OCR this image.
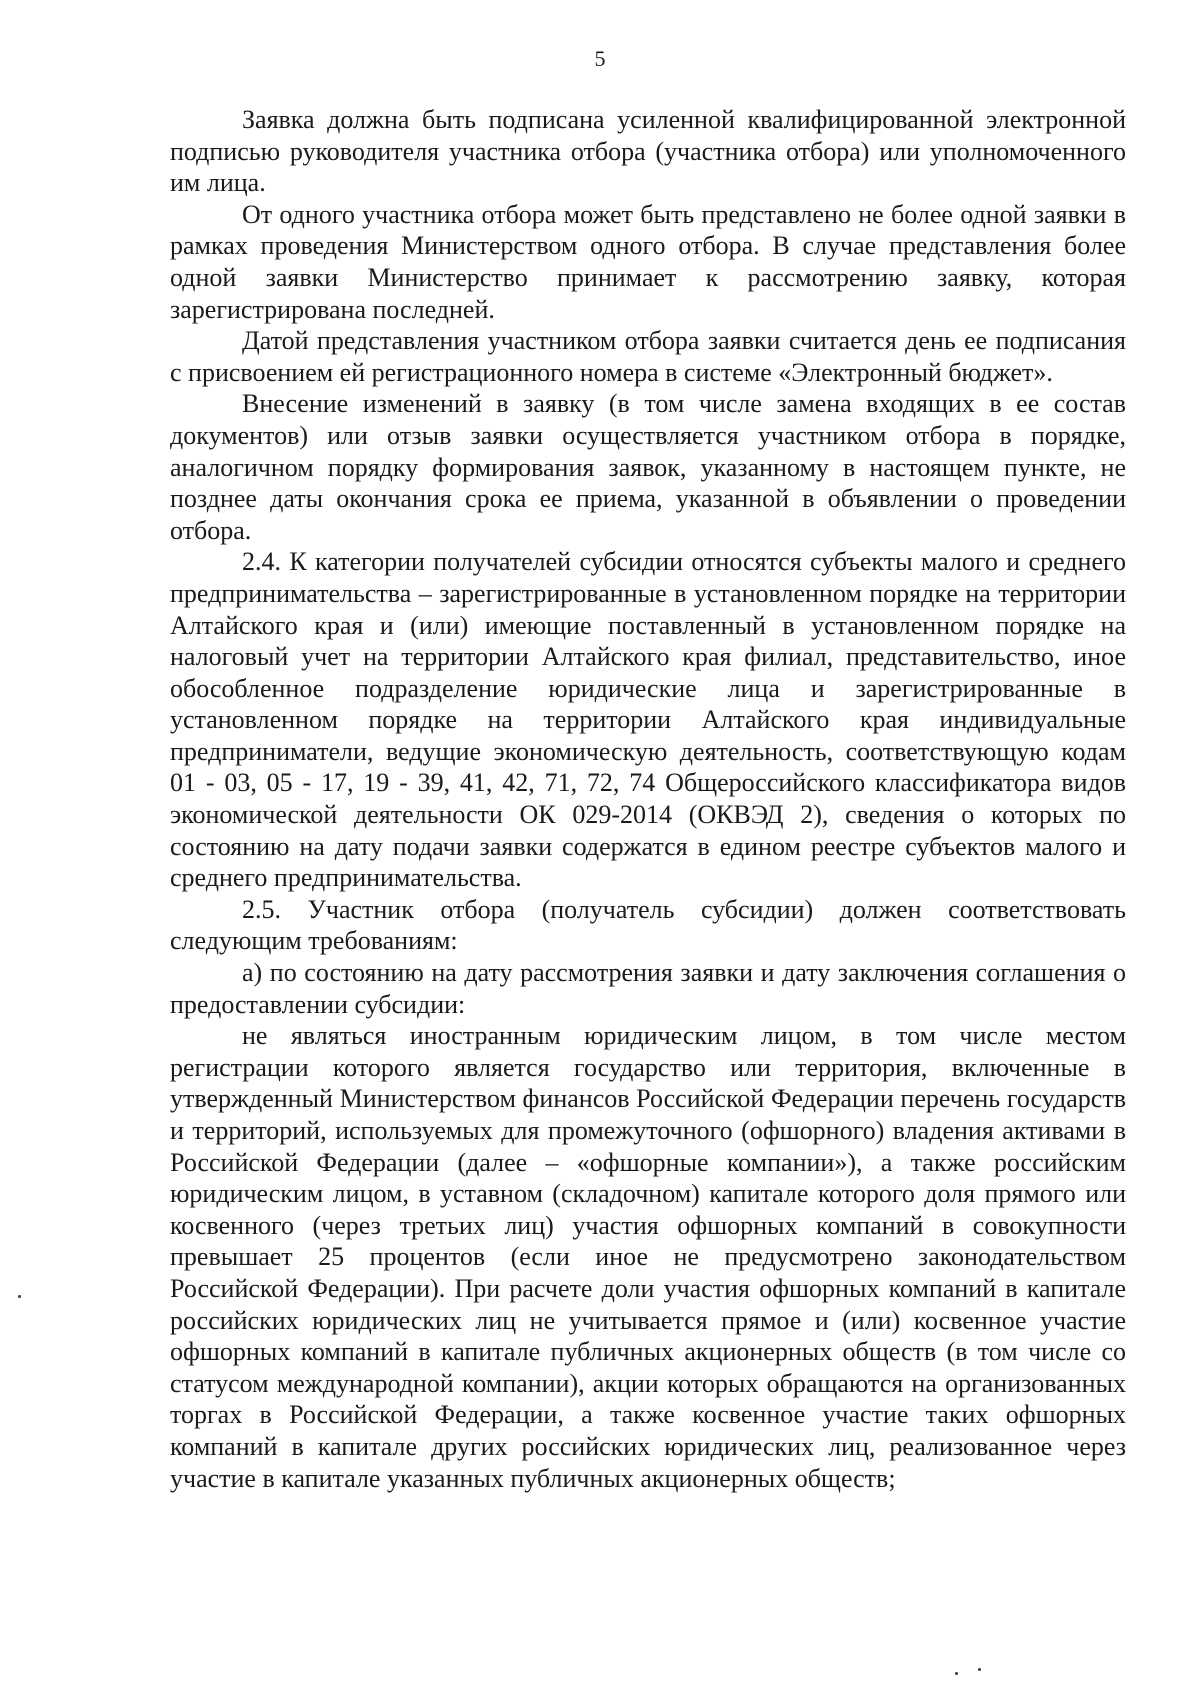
5

Заявка должна быть подписана усиленной квалифицированной электронной подписью руководителя участника отбора (участника отбора) или уполномоченного им лица.

От одного участника отбора может быть представлено не более одной заявки в рамках проведения Министерством одного отбора. В случае представления более одной заявки Министерство принимает к рассмотрению заявку, которая зарегистрирована последней.

Датой представления участником отбора заявки считается день ее подписания с присвоением ей регистрационного номера в системе «Электронный бюджет».

Внесение изменений в заявку (в том числе замена входящих в ее состав документов) или отзыв заявки осуществляется участником отбора в порядке, аналогичном порядку формирования заявок, указанному в настоящем пункте, не позднее даты окончания срока ее приема, указанной в объявлении о проведении отбора.

2.4. К категории получателей субсидии относятся субъекты малого и среднего предпринимательства – зарегистрированные в установленном порядке на территории Алтайского края и (или) имеющие поставленный в установленном порядке на налоговый учет на территории Алтайского края филиал, представительство, иное обособленное подразделение юридические лица и зарегистрированные в установленном порядке на территории Алтайского края индивидуальные предприниматели, ведущие экономическую деятельность, соответствующую кодам 01 - 03, 05 - 17, 19 - 39, 41, 42, 71, 72, 74 Общероссийского классификатора видов экономической деятельности ОК 029-2014 (ОКВЭД 2), сведения о которых по состоянию на дату подачи заявки содержатся в едином реестре субъектов малого и среднего предпринимательства.

2.5. Участник отбора (получатель субсидии) должен соответствовать следующим требованиям:

а) по состоянию на дату рассмотрения заявки и дату заключения соглашения о предоставлении субсидии:

не являться иностранным юридическим лицом, в том числе местом регистрации которого является государство или территория, включенные в утвержденный Министерством финансов Российской Федерации перечень государств и территорий, используемых для промежуточного (офшорного) владения активами в Российской Федерации (далее – «офшорные компании»), а также российским юридическим лицом, в уставном (складочном) капитале которого доля прямого или косвенного (через третьих лиц) участия офшорных компаний в совокупности превышает 25 процентов (если иное не предусмотрено законодательством Российской Федерации). При расчете доли участия офшорных компаний в капитале российских юридических лиц не учитывается прямое и (или) косвенное участие офшорных компаний в капитале публичных акционерных обществ (в том числе со статусом международной компании), акции которых обращаются на организованных торгах в Российской Федерации, а также косвенное участие таких офшорных компаний в капитале других российских юридических лиц, реализованное через участие в капитале указанных публичных акционерных обществ;
